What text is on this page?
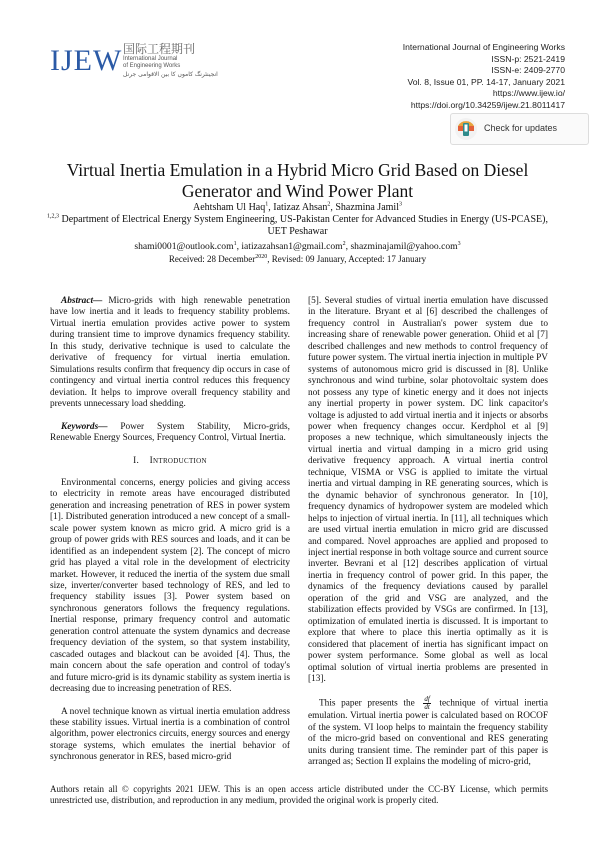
IJEW 国际工程期刊
International Journal of Engineering Works
انجینئرنگ کاموں کا بین الاقوامی جرنل
International Journal of Engineering Works
ISSN-p: 2521-2419
ISSN-e: 2409-2770
Vol. 8, Issue 01, PP. 14-17, January 2021
https://www.ijew.io/
https://doi.org/10.34259/ijew.21.8011417
Check for updates
Virtual Inertia Emulation in a Hybrid Micro Grid Based on Diesel Generator and Wind Power Plant
Aehtsham Ul Haq$^1$, Iatizaz Ahsan$^2$, Shazmina Jamil$^3$
$^{1,2,3}$ Department of Electrical Energy System Engineering, US-Pakistan Center for Advanced Studies in Energy (US-PCASE), UET Peshawar
shami0001@outlook.com$^1$, iatizazahsan1@gmail.com$^2$, shazminajamil@yahoo.com$^3$
Received: 28 December$^{2020}$, Revised: 09 January, Accepted: 17 January

Abstract— Micro-grids with high renewable penetration have low inertia and it leads to frequency stability problems. Virtual inertia emulation provides active power to system during transient time to improve dynamics frequency stability. In this study, derivative technique is used to calculate the derivative of frequency for virtual inertia emulation. Simulations results confirm that frequency dip occurs in case of contingency and virtual inertia control reduces this frequency deviation. It helps to improve overall frequency stability and prevents unnecessary load shedding.

Keywords— Power System Stability, Micro-grids, Renewable Energy Sources, Frequency Control, Virtual Inertia.

I. Introduction

Environmental concerns, energy policies and giving access to electricity in remote areas have encouraged distributed generation and increasing penetration of RES in power system [1]. Distributed generation introduced a new concept of a small-scale power system known as micro grid. A micro grid is a group of power grids with RES sources and loads, and it can be identified as an independent system [2]. The concept of micro grid has played a vital role in the development of electricity market. However, it reduced the inertia of the system due small size, inverter/converter based technology of RES, and led to frequency stability issues [3]. Power system based on synchronous generators follows the frequency regulations. Inertial response, primary frequency control and automatic generation control attenuate the system dynamics and decrease frequency deviation of the system, so that system instability, cascaded outages and blackout can be avoided [4]. Thus, the main concern about the safe operation and control of today's and future micro-grid is its dynamic stability as system inertia is decreasing due to increasing penetration of RES.

A novel technique known as virtual inertia emulation address these stability issues. Virtual inertia is a combination of control algorithm, power electronics circuits, energy sources and energy storage systems, which emulates the inertial behavior of synchronous generator in RES, based micro-grid

[5]. Several studies of virtual inertia emulation have discussed in the literature. Bryant et al [6] described the challenges of frequency control in Australian's power system due to increasing share of renewable power generation. Ohiid et al [7] described challenges and new methods to control frequency of future power system. The virtual inertia injection in multiple PV systems of autonomous micro grid is discussed in [8]. Unlike synchronous and wind turbine, solar photovoltaic system does not possess any type of kinetic energy and it does not injects any inertial property in power system. DC link capacitor's voltage is adjusted to add virtual inertia and it injects or absorbs power when frequency changes occur. Kerdphol et al [9] proposes a new technique, which simultaneously injects the virtual inertia and virtual damping in a micro grid using derivative frequency approach. A virtual inertia control technique, VISMA or VSG is applied to imitate the virtual inertia and virtual damping in RE generating sources, which is the dynamic behavior of synchronous generator. In [10], frequency dynamics of hydropower system are modeled which helps to injection of virtual inertia. In [11], all techniques which are used virtual inertia emulation in micro grid are discussed and compared. Novel approaches are applied and proposed to inject inertial response in both voltage source and current source inverter. Bevrani et al [12] describes application of virtual inertia in frequency control of power grid. In this paper, the dynamics of the frequency deviations caused by parallel operation of the grid and VSG are analyzed, and the stabilization effects provided by VSGs are confirmed. In [13], optimization of emulated inertia is discussed. It is important to explore that where to place this inertia optimally as it is considered that placement of inertia has significant impact on power system performance. Some global as well as local optimal solution of virtual inertia problems are presented in [13].

This paper presents the $\frac{df}{dt}$ technique of virtual inertia emulation. Virtual inertia power is calculated based on ROCOF of the system. VI loop helps to maintain the frequency stability of the micro-grid based on conventional and RES generating units during transient time. The reminder part of this paper is arranged as; Section II explains the modeling of micro-grid,

Authors retain all © copyrights 2021 IJEW. This is an open access article distributed under the CC-BY License, which permits unrestricted use, distribution, and reproduction in any medium, provided the original work is properly cited.
